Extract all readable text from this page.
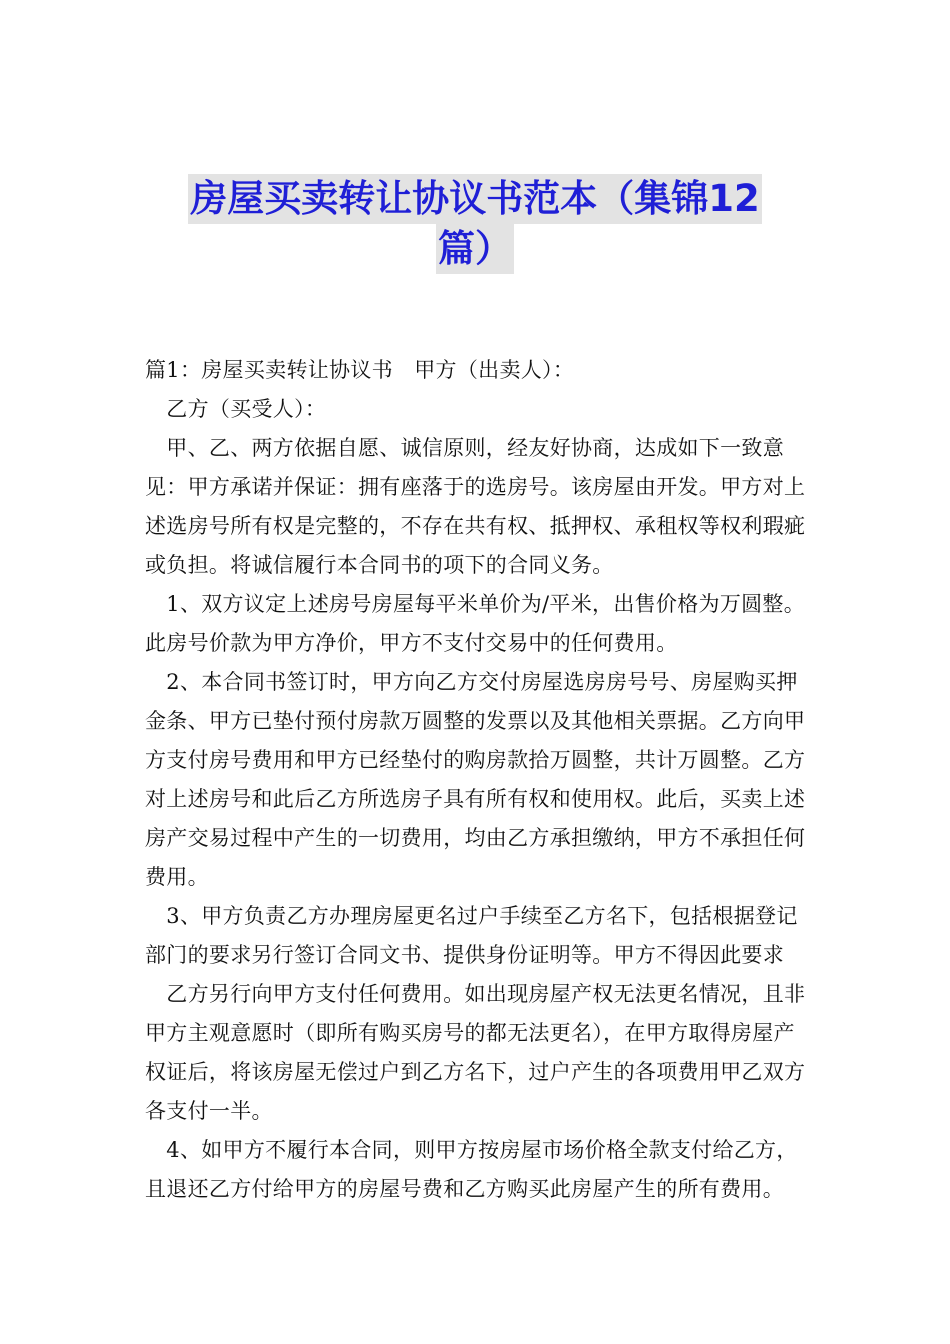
房屋买卖转让协议书范本（集锦12
篇）

篇1：房屋买卖转让协议书　甲方（出卖人）：

　乙方（买受人）：

　甲、乙、两方依据自愿、诚信原则，经友好协商，达成如下一致意见：甲方承诺并保证：拥有座落于的选房号。该房屋由开发。甲方对上述选房号所有权是完整的，不存在共有权、抵押权、承租权等权利瑕疵或负担。将诚信履行本合同书的项下的合同义务。

　1、双方议定上述房号房屋每平米单价为/平米，出售价格为万圆整。此房号价款为甲方净价，甲方不支付交易中的任何费用。

　2、本合同书签订时，甲方向乙方交付房屋选房房号号、房屋购买押金条、甲方已垫付预付房款万圆整的发票以及其他相关票据。乙方向甲方支付房号费用和甲方已经垫付的购房款拾万圆整，共计万圆整。乙方对上述房号和此后乙方所选房子具有所有权和使用权。此后，买卖上述房产交易过程中产生的一切费用，均由乙方承担缴纳，甲方不承担任何费用。

　3、甲方负责乙方办理房屋更名过户手续至乙方名下，包括根据登记部门的要求另行签订合同文书、提供身份证明等。甲方不得因此要求

　乙方另行向甲方支付任何费用。如出现房屋产权无法更名情况，且非甲方主观意愿时（即所有购买房号的都无法更名），在甲方取得房屋产权证后，将该房屋无偿过户到乙方名下，过户产生的各项费用甲乙双方各支付一半。

　4、如甲方不履行本合同，则甲方按房屋市场价格全款支付给乙方，且退还乙方付给甲方的房屋号费和乙方购买此房屋产生的所有费用。
